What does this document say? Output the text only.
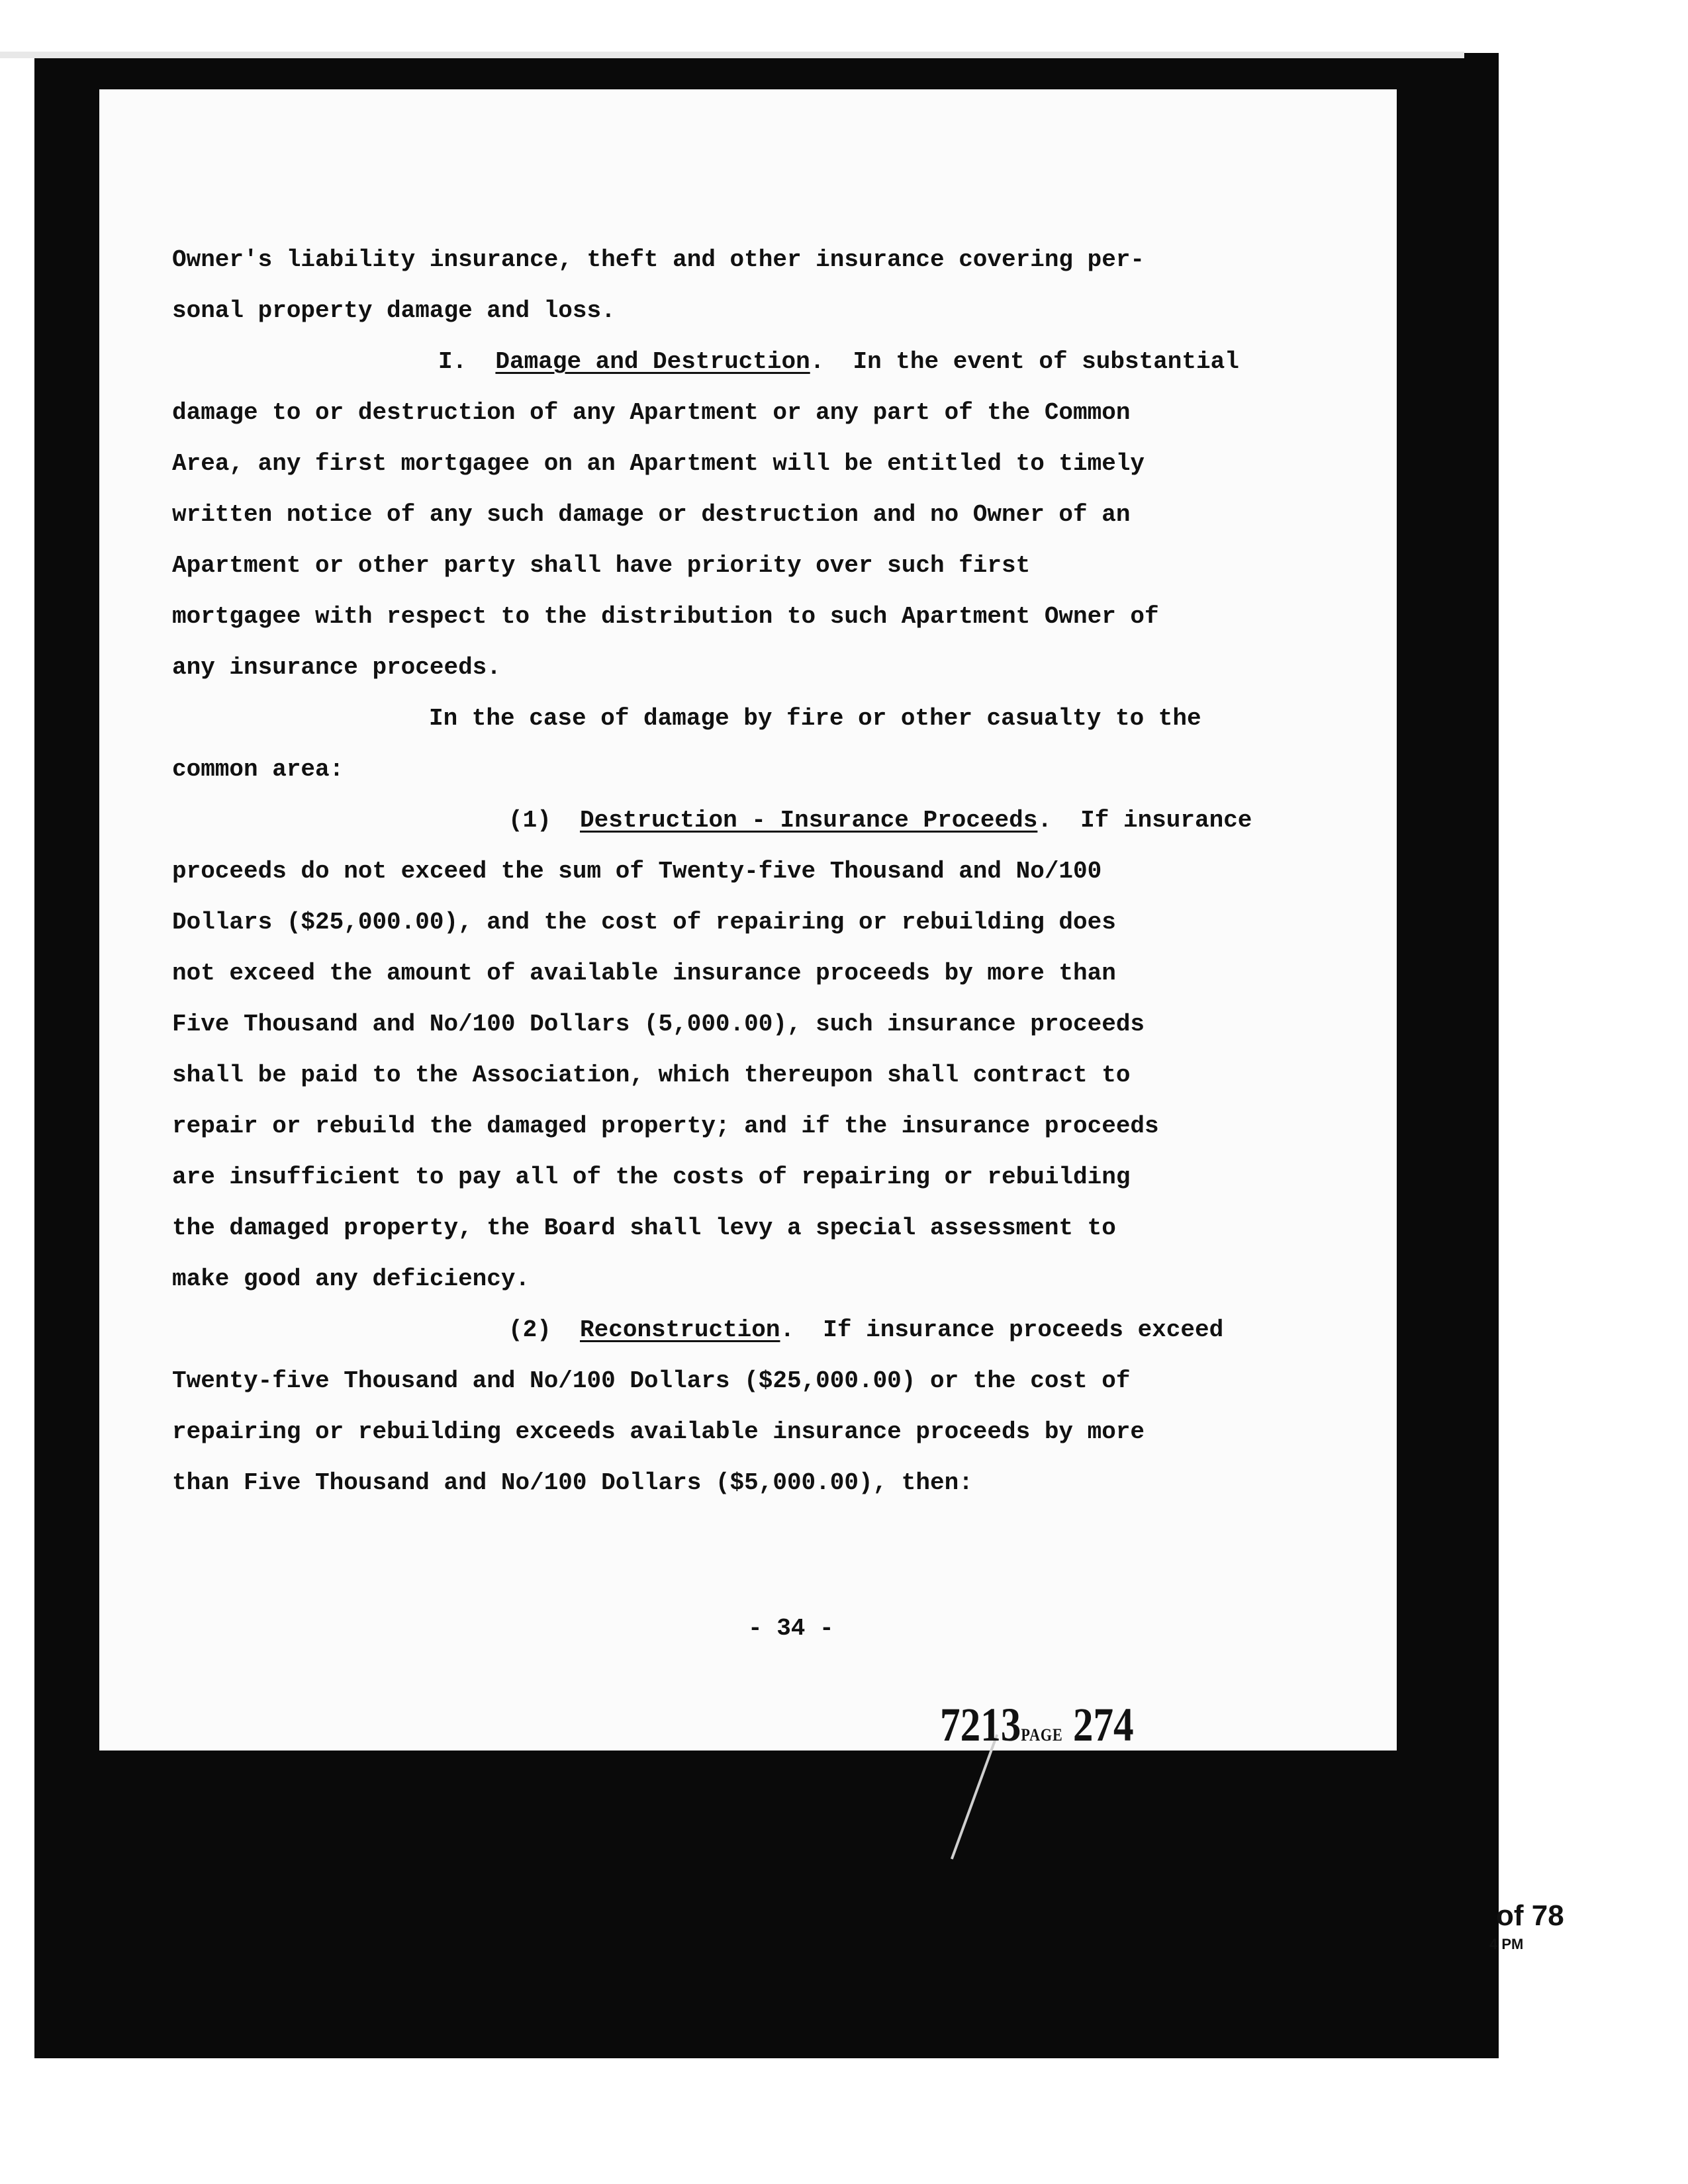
Owner's liability insurance, theft and other insurance covering per-
sonal property damage and loss.
I.  Damage and Destruction.  In the event of substantial
damage to or destruction of any Apartment or any part of the Common
Area, any first mortgagee on an Apartment will be entitled to timely
written notice of any such damage or destruction and no Owner of an
Apartment or other party shall have priority over such first
mortgagee with respect to the distribution to such Apartment Owner of
any insurance proceeds.
In the case of damage by fire or other casualty to the
common area:
(1)  Destruction - Insurance Proceeds.  If insurance
proceeds do not exceed the sum of Twenty-five Thousand and No/100
Dollars ($25,000.00), and the cost of repairing or rebuilding does
not exceed the amount of available insurance proceeds by more than
Five Thousand and No/100 Dollars (5,000.00), such insurance proceeds
shall be paid to the Association, which thereupon shall contract to
repair or rebuild the damaged property; and if the insurance proceeds
are insufficient to pay all of the costs of repairing or rebuilding
the damaged property, the Board shall levy a special assessment to
make good any deficiency.
(2)  Reconstruction.  If insurance proceeds exceed
Twenty-five Thousand and No/100 Dollars ($25,000.00) or the cost of
repairing or rebuilding exceeds available insurance proceeds by more
than Five Thousand and No/100 Dollars ($5,000.00), then:
- 34 -
7213PAGE 274
of 78
4 PM
